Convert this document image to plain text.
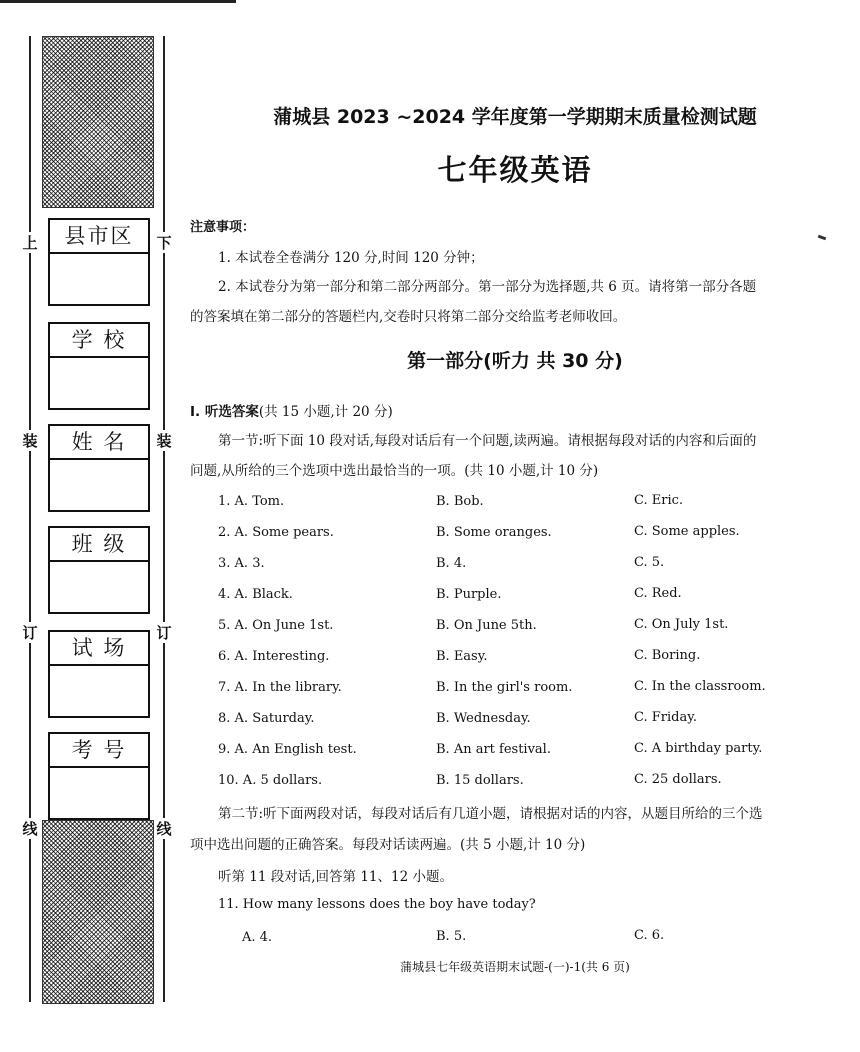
上
装
订
线
下
装
订
线
县市区
学 校
姓 名
班 级
试 场
考 号
蒲城县 2023 ~2024 学年度第一学期期末质量检测试题
七年级英语
注意事项：
1. 本试卷全卷满分 120 分,时间 120 分钟；
2. 本试卷分为第一部分和第二部分两部分。第一部分为选择题,共 6 页。请将第一部分各题
的答案填在第二部分的答题栏内,交卷时只将第二部分交给监考老师收回。
第一部分(听力 共 30 分)
Ⅰ. 听选答案(共 15 小题,计 20 分)
第一节:听下面 10 段对话,每段对话后有一个问题,读两遍。请根据每段对话的内容和后面的
问题,从所给的三个选项中选出最恰当的一项。(共 10 小题,计 10 分)
1. A. Tom.	B. Bob.	C. Eric.
2. A. Some pears.	B. Some oranges.	C. Some apples.
3. A. 3.	B. 4.	C. 5.
4. A. Black.	B. Purple.	C. Red.
5. A. On June 1st.	B. On June 5th.	C. On July 1st.
6. A. Interesting.	B. Easy.	C. Boring.
7. A. In the library.	B. In the girl's room.	C. In the classroom.
8. A. Saturday.	B. Wednesday.	C. Friday.
9. A. An English test.	B. An art festival.	C. A birthday party.
10. A. 5 dollars.	B. 15 dollars.	C. 25 dollars.
第二节:听下面两段对话，每段对话后有几道小题，请根据对话的内容，从题目所给的三个选
项中选出问题的正确答案。每段对话读两遍。(共 5 小题,计 10 分)
听第 11 段对话,回答第 11、12 小题。
11. How many lessons does the boy have today?
A. 4.	B. 5.	C. 6.
蒲城县七年级英语期末试题-(一)-1(共 6 页)
